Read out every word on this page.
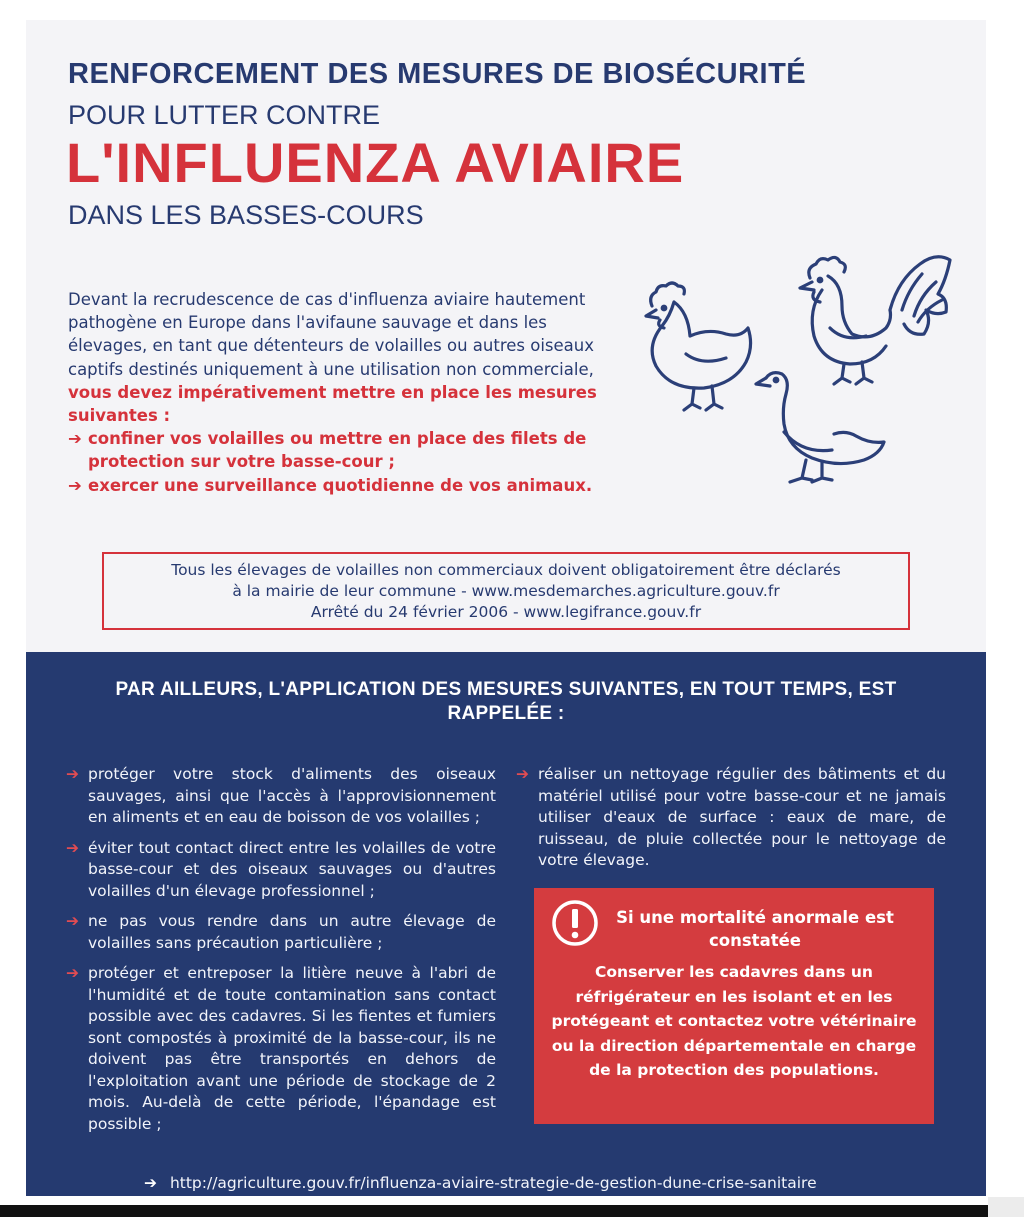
RENFORCEMENT DES MESURES DE BIOSÉCURITÉ
POUR LUTTER CONTRE
L'INFLUENZA AVIAIRE
DANS LES BASSES-COURS
Devant la recrudescence de cas d'influenza aviaire hautement pathogène en Europe dans l'avifaune sauvage et dans les élevages, en tant que détenteurs de volailles ou autres oiseaux captifs destinés uniquement à une utilisation non commerciale, vous devez impérativement mettre en place les mesures suivantes :
➔ confiner vos volailles ou mettre en place des filets de protection sur votre basse-cour ;
➔ exercer une surveillance quotidienne de vos animaux.
Tous les élevages de volailles non commerciaux doivent obligatoirement être déclarés
à la mairie de leur commune - www.mesdemarches.agriculture.gouv.fr
Arrêté du 24 février 2006 - www.legifrance.gouv.fr
PAR AILLEURS, L'APPLICATION DES MESURES SUIVANTES, EN TOUT TEMPS, EST RAPPELÉE :
➔ protéger votre stock d'aliments des oiseaux sauvages, ainsi que l'accès à l'approvisionnement en aliments et en eau de boisson de vos volailles ;
➔ éviter tout contact direct entre les volailles de votre basse-cour et des oiseaux sauvages ou d'autres volailles d'un élevage professionnel ;
➔ ne pas vous rendre dans un autre élevage de volailles sans précaution particulière ;
➔ protéger et entreposer la litière neuve à l'abri de l'humidité et de toute contamination sans contact possible avec des cadavres. Si les fientes et fumiers sont compostés à proximité de la basse-cour, ils ne doivent pas être transportés en dehors de l'exploitation avant une période de stockage de 2 mois. Au-delà de cette période, l'épandage est possible ;
➔ réaliser un nettoyage régulier des bâtiments et du matériel utilisé pour votre basse-cour et ne jamais utiliser d'eaux de surface : eaux de mare, de ruisseau, de pluie collectée pour le nettoyage de votre élevage.
Si une mortalité anormale est constatée
Conserver les cadavres dans un réfrigérateur en les isolant et en les protégeant et contactez votre vétérinaire ou la direction départementale en charge de la protection des populations.
➔ http://agriculture.gouv.fr/influenza-aviaire-strategie-de-gestion-dune-crise-sanitaire
